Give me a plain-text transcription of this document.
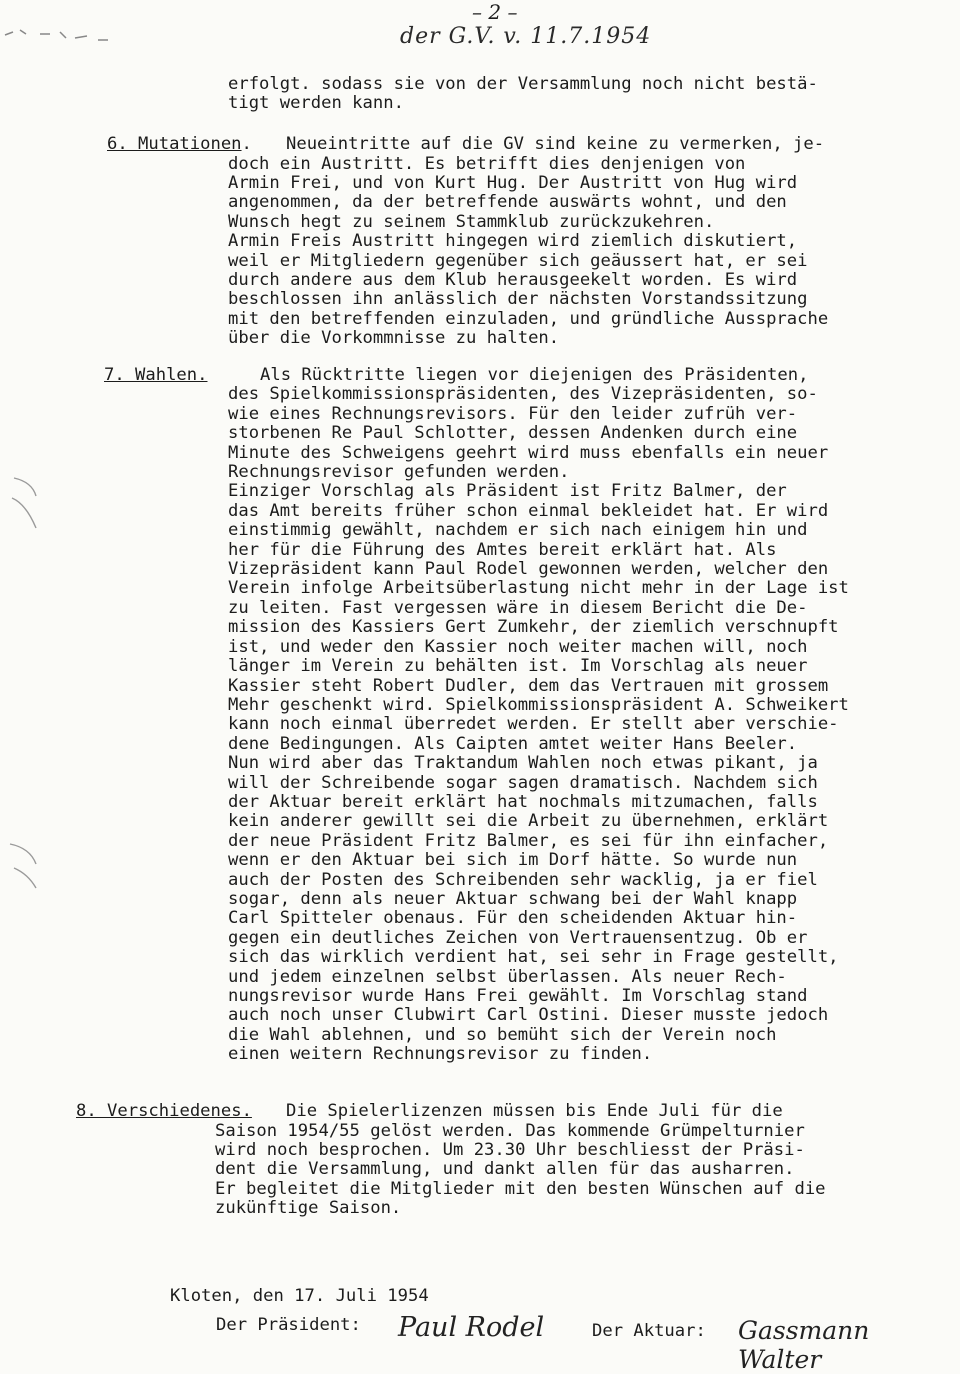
– 2 –
der G.V. v. 11.7.1954
erfolgt. sodass sie von der Versammlung noch nicht bestä-
tigt werden kann.
6. Mutationen. Neueintritte auf die GV sind keine zu vermerken, je-
doch ein Austritt. Es betrifft dies denjenigen von
Armin Frei, und von Kurt Hug. Der Austritt von Hug wird
angenommen, da der betreffende auswärts wohnt, und den
Wunsch hegt zu seinem Stammklub zurückzukehren.
Armin Freis Austritt hingegen wird ziemlich diskutiert,
weil er Mitgliedern gegenüber sich geäussert hat, er sei
durch andere aus dem Klub herausgeekelt worden. Es wird
beschlossen ihn anlässlich der nächsten Vorstandssitzung
mit den betreffenden einzuladen, und gründliche Aussprache
über die Vorkommnisse zu halten.
7. Wahlen.	Als Rücktritte liegen vor diejenigen des Präsidenten,
des Spielkommissionspräsidenten, des Vizepräsidenten, so-
wie eines Rechnungsrevisors. Für den leider zufrüh ver-
storbenen Re Paul Schlotter, dessen Andenken durch eine
Minute des Schweigens geehrt wird muss ebenfalls ein neuer
Rechnungsrevisor gefunden werden.
Einziger Vorschlag als Präsident ist Fritz Balmer, der
das Amt bereits früher schon einmal bekleidet hat. Er wird
einstimmig gewählt, nachdem er sich nach einigem hin und
her für die Führung des Amtes bereit erklärt hat. Als
Vizepräsident kann Paul Rodel gewonnen werden, welcher den
Verein infolge Arbeitsüberlastung nicht mehr in der Lage ist
zu leiten. Fast vergessen wäre in diesem Bericht die De-
mission des Kassiers Gert Zumkehr, der ziemlich verschnupft
ist, und weder den Kassier noch weiter machen will, noch
länger im Verein zu behälten ist. Im Vorschlag als neuer
Kassier steht Robert Dudler, dem das Vertrauen mit grossem
Mehr geschenkt wird. Spielkommissionspräsident A. Schweikert
kann noch einmal überredet werden. Er stellt aber verschie-
dene Bedingungen. Als Caipten amtet weiter Hans Beeler.
Nun wird aber das Traktandum Wahlen noch etwas pikant, ja
will der Schreibende sogar sagen dramatisch. Nachdem sich
der Aktuar bereit erklärt hat nochmals mitzumachen, falls
kein anderer gewillt sei die Arbeit zu übernehmen, erklärt
der neue Präsident Fritz Balmer, es sei für ihn einfacher,
wenn er den Aktuar bei sich im Dorf hätte. So wurde nun
auch der Posten des Schreibenden sehr wacklig, ja er fiel
sogar, denn als neuer Aktuar schwang bei der Wahl knapp
Carl Spitteler obenaus. Für den scheidenden Aktuar hin-
gegen ein deutliches Zeichen von Vertrauensentzug. Ob er
sich das wirklich verdient hat, sei sehr in Frage gestellt,
und jedem einzelnen selbst überlassen. Als neuer Rech-
nungsrevisor wurde Hans Frei gewählt. Im Vorschlag stand
auch noch unser Clubwirt Carl Ostini. Dieser musste jedoch
die Wahl ablehnen, und so bemüht sich der Verein noch
einen weitern Rechnungsrevisor zu finden.
8. Verschiedenes. Die Spielerlizenzen müssen bis Ende Juli für die
Saison 1954/55 gelöst werden. Das kommende Grümpelturnier
wird noch besprochen. Um 23.30 Uhr beschliesst der Präsi-
dent die Versammlung, und dankt allen für das ausharren.
Er begleitet die Mitglieder mit den besten Wünschen auf die
zukünftige Saison.
Kloten, den 17. Juli 1954
Der Präsident: Paul Rodel	Der Aktuar: Gassmann Walter
